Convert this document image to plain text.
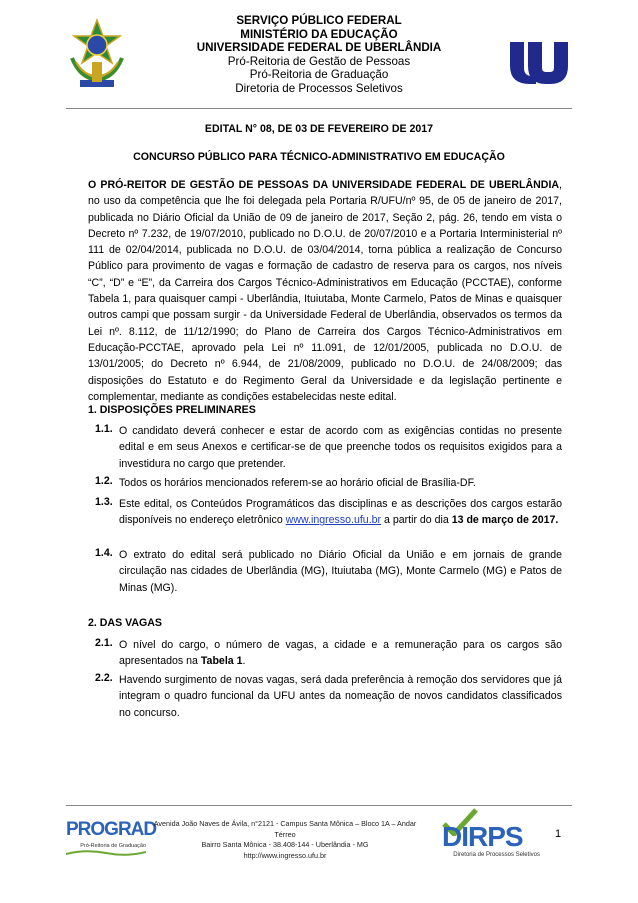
SERVIÇO PÚBLICO FEDERAL
MINISTÉRIO DA EDUCAÇÃO
UNIVERSIDADE FEDERAL DE UBERLÂNDIA
Pró-Reitoria de Gestão de Pessoas
Pró-Reitoria de Graduação
Diretoria de Processos Seletivos
EDITAL N° 08, DE 03 DE FEVEREIRO DE 2017
CONCURSO PÚBLICO PARA TÉCNICO-ADMINISTRATIVO EM EDUCAÇÃO
O PRÓ-REITOR DE GESTÃO DE PESSOAS DA UNIVERSIDADE FEDERAL DE UBERLÂNDIA, no uso da competência que lhe foi delegada pela Portaria R/UFU/nº 95, de 05 de janeiro de 2017, publicada no Diário Oficial da União de 09 de janeiro de 2017, Seção 2, pág. 26, tendo em vista o Decreto nº 7.232, de 19/07/2010, publicado no D.O.U. de 20/07/2010 e a Portaria Interministerial nº 111 de 02/04/2014, publicada no D.O.U. de 03/04/2014, torna pública a realização de Concurso Público para provimento de vagas e formação de cadastro de reserva para os cargos, nos níveis “C”, “D” e “E”, da Carreira dos Cargos Técnico-Administrativos em Educação (PCCTAE), conforme Tabela 1, para quaisquer campi - Uberlândia, Ituiutaba, Monte Carmelo, Patos de Minas e quaisquer outros campi que possam surgir - da Universidade Federal de Uberlândia, observados os termos da Lei nº. 8.112, de 11/12/1990; do Plano de Carreira dos Cargos Técnico-Administrativos em Educação-PCCTAE, aprovado pela Lei nº 11.091, de 12/01/2005, publicada no D.O.U. de 13/01/2005; do Decreto nº 6.944, de 21/08/2009, publicado no D.O.U. de 24/08/2009; das disposições do Estatuto e do Regimento Geral da Universidade e da legislação pertinente e complementar, mediante as condições estabelecidas neste edital.
1. DISPOSIÇÕES PRELIMINARES
1.1. O candidato deverá conhecer e estar de acordo com as exigências contidas no presente edital e em seus Anexos e certificar-se de que preenche todos os requisitos exigidos para a investidura no cargo que pretender.
1.2. Todos os horários mencionados referem-se ao horário oficial de Brasília-DF.
1.3. Este edital, os Conteúdos Programáticos das disciplinas e as descrições dos cargos estarão disponíveis no endereço eletrônico www.ingresso.ufu.br a partir do dia 13 de março de 2017.
1.4. O extrato do edital será publicado no Diário Oficial da União e em jornais de grande circulação nas cidades de Uberlândia (MG), Ituiutaba (MG), Monte Carmelo (MG) e Patos de Minas (MG).
2. DAS VAGAS
2.1. O nível do cargo, o número de vagas, a cidade e a remuneração para os cargos são apresentados na Tabela 1.
2.2. Havendo surgimento de novas vagas, será dada preferência à remoção dos servidores que já integram o quadro funcional da UFU antes da nomeação de novos candidatos classificados no concurso.
PROGRAD
Pró-Reitoria de Graduação
Avenida João Naves de Ávila, n°2121 - Campus Santa Mônica – Bloco 1A – Andar Térreo
Bairro Santa Mônica - 38.408-144 - Uberlândia - MG
http://www.ingresso.ufu.br
DIRPS
Diretoria de Processos Seletivos
1
